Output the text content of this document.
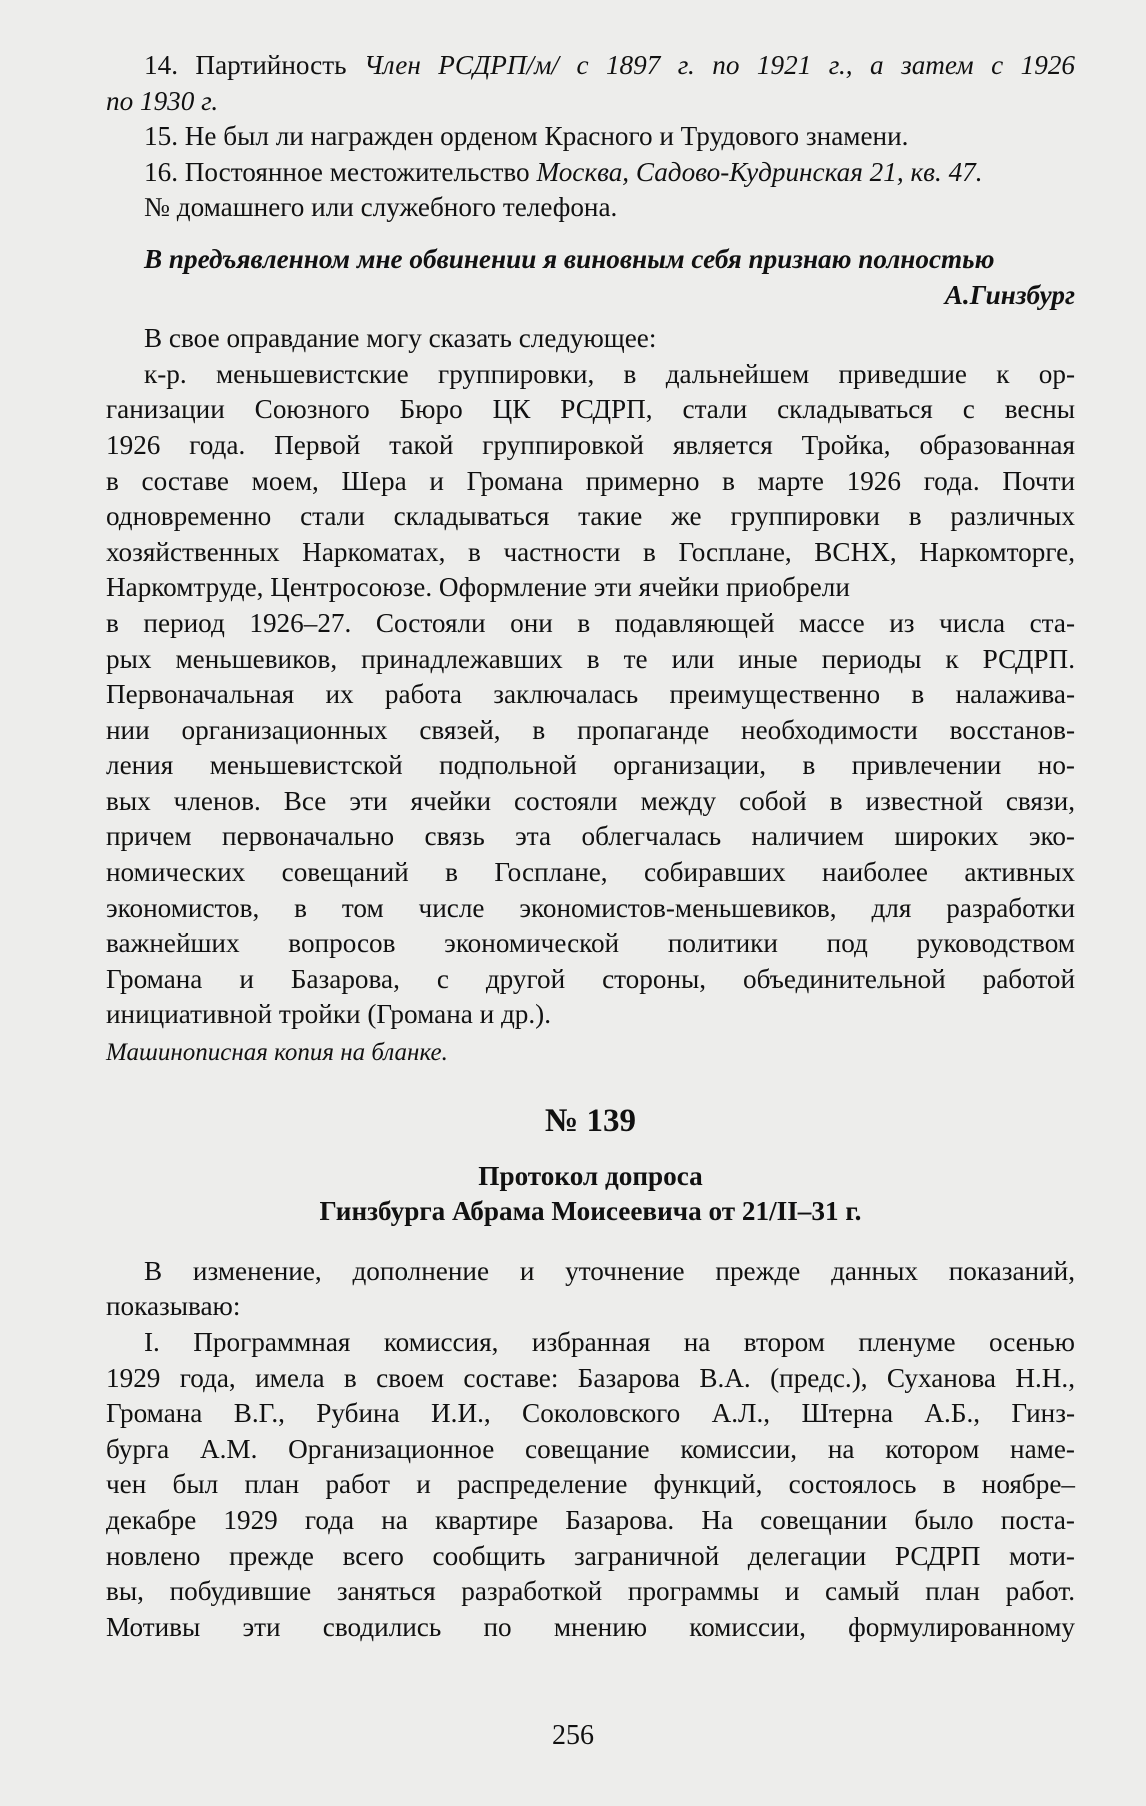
14. Партийность Член РСДРП/м/ с 1897 г. по 1921 г., а затем с 1926
по 1930 г.
15. Не был ли награжден орденом Красного и Трудового знамени.
16. Постоянное местожительство Москва, Садово-Кудринская 21, кв. 47.
№ домашнего или служебного телефона.
В предъявленном мне обвинении я виновным себя признаю полностью
А.Гинзбург
В свое оправдание могу сказать следующее:
к-р. меньшевистские группировки, в дальнейшем приведшие к ор-
ганизации Союзного Бюро ЦК РСДРП, стали складываться с весны
1926 года. Первой такой группировкой является Тройка, образованная
в составе моем, Шера и Громана примерно в марте 1926 года. Почти
одновременно стали складываться такие же группировки в различных
хозяйственных Наркоматах, в частности в Госплане, ВСНХ, Наркомторге, Наркомтруде, Центросоюзе. Оформление эти ячейки приобрели
в период 1926–27. Состояли они в подавляющей массе из числа ста-
рых меньшевиков, принадлежавших в те или иные периоды к РСДРП.
Первоначальная их работа заключалась преимущественно в налажива-
нии организационных связей, в пропаганде необходимости восстанов-
ления меньшевистской подпольной организации, в привлечении но-
вых членов. Все эти ячейки состояли между собой в известной связи,
причем первоначально связь эта облегчалась наличием широких эко-
номических совещаний в Госплане, собиравших наиболее активных
экономистов, в том числе экономистов-меньшевиков, для разработки
важнейших вопросов экономической политики под руководством
Громана и Базарова, с другой стороны, объединительной работой
инициативной тройки (Громана и др.).
Машинописная копия на бланке.
№ 139
Протокол допроса
Гинзбурга Абрама Моисеевича от 21/II–31 г.
В изменение, дополнение и уточнение прежде данных показаний,
показываю:
I. Программная комиссия, избранная на втором пленуме осенью
1929 года, имела в своем составе: Базарова В.А. (предс.), Суханова Н.Н.,
Громана В.Г., Рубина И.И., Соколовского А.Л., Штерна А.Б., Гинз-
бурга А.М. Организационное совещание комиссии, на котором наме-
чен был план работ и распределение функций, состоялось в ноябре–
декабре 1929 года на квартире Базарова. На совещании было поста-
новлено прежде всего сообщить заграничной делегации РСДРП моти-
вы, побудившие заняться разработкой программы и самый план работ.
Мотивы эти сводились по мнению комиссии, формулированному
256
